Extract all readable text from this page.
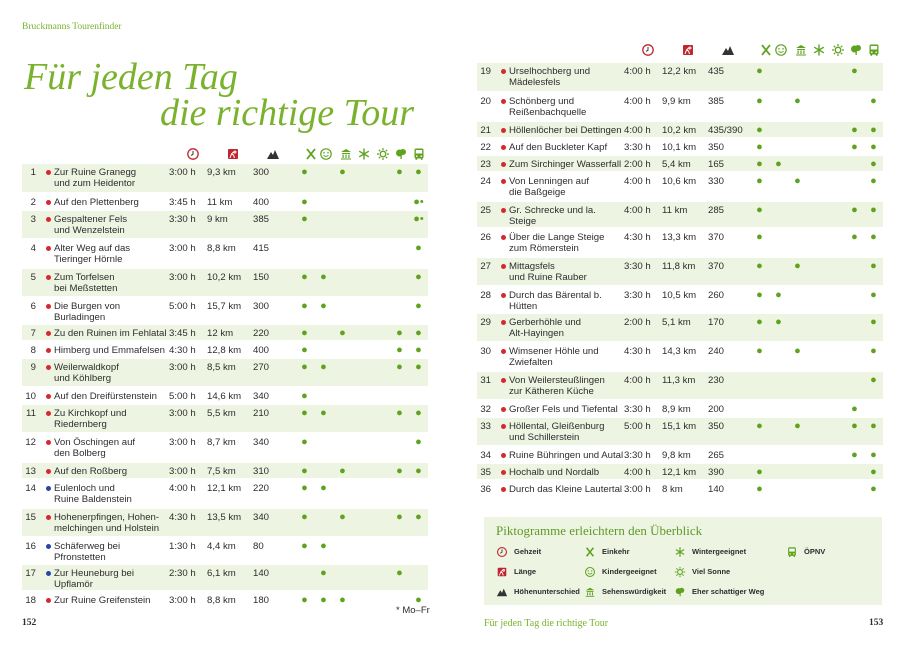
Bruckmanns Tourenfinder
Für jeden Tag
die richtige Tour
1		Zur Ruine Granegg
und zum Heidentor	3:00 h	9,3 km	300	●		●			●	●
2		Auf den Plettenberg	3:45 h	11 km	400	●						●•
3		Gespaltener Fels
und Wenzelstein	3:30 h	9 km	385	●						●•
4		Alter Weg auf das
Tieringer Hörnle	3:00 h	8,8 km	415							●
5		Zum Torfelsen
bei Meßstetten	3:00 h	10,2 km	150	●	●					●
6		Die Burgen von Burladingen	5:00 h	15,7 km	300	●	●					●
7		Zu den Ruinen im Fehlatal	3:45 h	12 km	220	●		●			●	●
8		Himberg und Emmafelsen	4:30 h	12,8 km	400	●					●	●
9		Weilerwaldkopf
und Köhlberg	3:00 h	8,5 km	270	●	●				●	●
10		Auf den Dreifürstenstein	5:00 h	14,6 km	340	●						
11		Zu Kirchkopf und
Riedernberg	3:00 h	5,5 km	210	●	●				●	●
12		Von Öschingen auf
den Bolberg	3:00 h	8,7 km	340	●						●
13		Auf den Roßberg	3:00 h	7,5 km	310	●		●			●	●
14		Eulenloch und
Ruine Baldenstein	4:00 h	12,1 km	220	●	●					
15		Hohenerpfingen, Hohen-
melchingen und Holstein	4:30 h	13,5 km	340	●		●			●	●
16		Schäferweg bei Pfronstetten	1:30 h	4,4 km	80	●	●					
17		Zur Heuneburg bei Upflamör	2:30 h	6,1 km	140		●				●	
18		Zur Ruine Greifenstein	3:00 h	8,8 km	180	●	●	●				●
* Mo–Fr
152
19		Urselhochberg und
Mädelesfels	4:00 h	12,2 km	435	●					●	
20		Schönberg und
Reißenbachquelle	4:00 h	9,9 km	385	●		●				●
21		Höllenlöcher bei Dettingen	4:00 h	10,2 km	435/390	●					●	●
22		Auf den Buckleter Kapf	3:30 h	10,1 km	350	●					●	●
23		Zum Sirchinger Wasserfall	2:00 h	5,4 km	165	●	●					●
24		Von Lenningen auf
die Baßgeige	4:00 h	10,6 km	330	●		●				●
25		Gr. Schrecke und la. Steige	4:00 h	11 km	285	●					●	●
26		Über die Lange Steige
zum Römerstein	4:30 h	13,3 km	370	●					●	●
27		Mittagsfels
und Ruine Rauber	3:30 h	11,8 km	370	●		●				●
28		Durch das Bärental b. Hütten	3:30 h	10,5 km	260	●	●					●
29		Gerberhöhle und
Alt-Hayingen	2:00 h	5,1 km	170	●	●					●
30		Wimsener Höhle und
Zwiefalten	4:30 h	14,3 km	240	●		●				●
31		Von Weilersteußlingen
zur Kätheren Küche	4:00 h	11,3 km	230							●
32		Großer Fels und Tiefental	3:30 h	8,9 km	200						●	
33		Höllental, Gleißenburg
und Schillerstein	5:00 h	15,1 km	350	●		●			●	●
34		Ruine Bühringen und Autal	3:30 h	9,8 km	265						●	●
35		Hochalb und Nordalb	4:00 h	12,1 km	390	●						●
36		Durch das Kleine Lautertal	3:00 h	8 km	140	●						●
Piktogramme erleichtern den Überblick
Gehzeit
Länge
Höhenunterschied
Einkehr
Kindergeeignet
Sehenswürdigkeit
Wintergeeignet
Viel Sonne
Eher schattiger Weg
ÖPNV
Für jeden Tag die richtige Tour	153
